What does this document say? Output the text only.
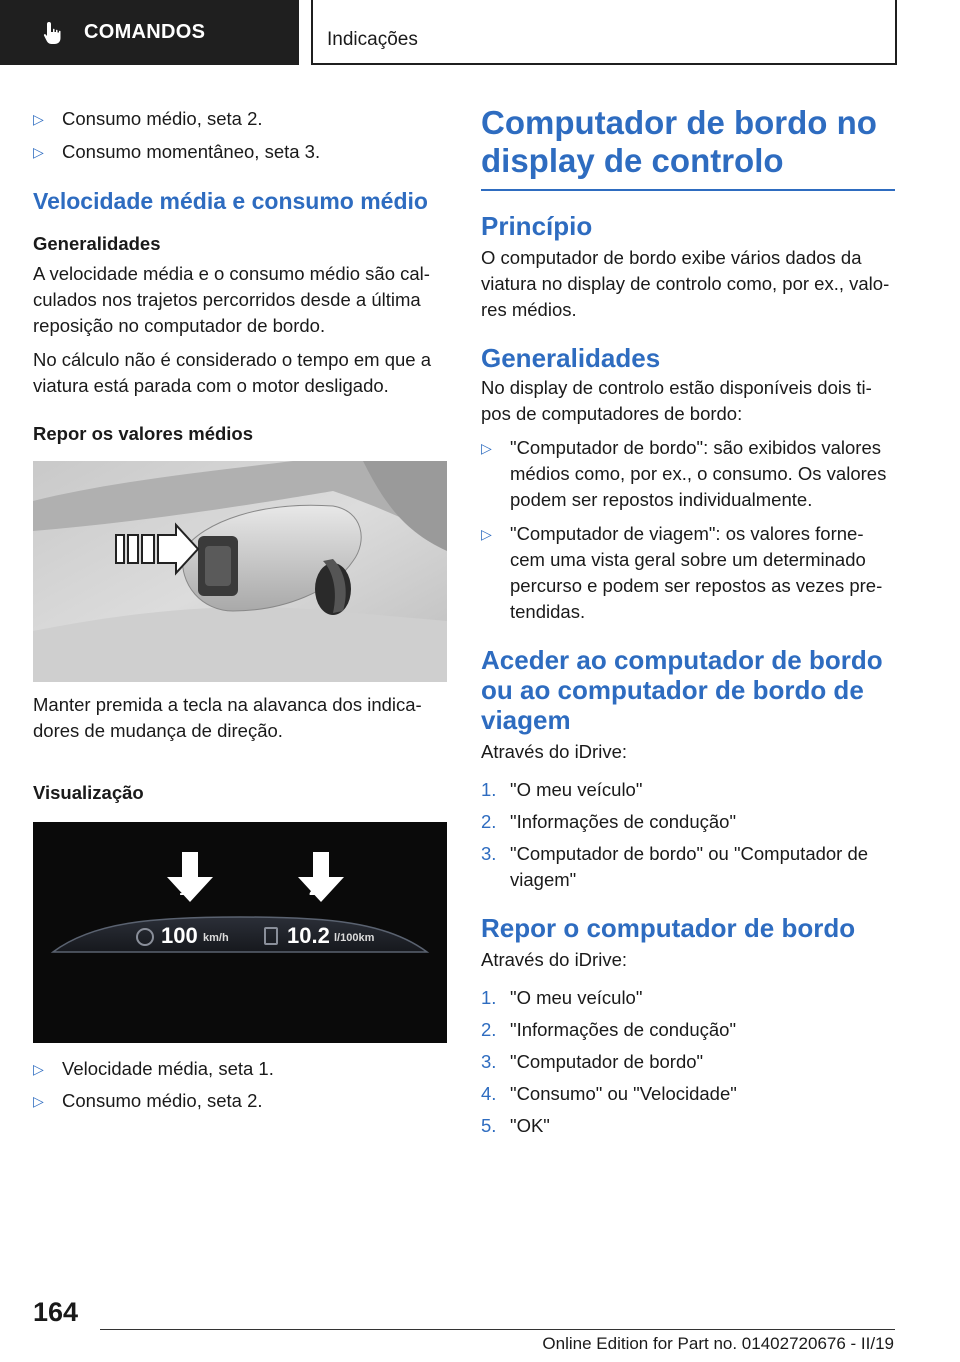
COMANDOS	Indicações
▷ Consumo médio, seta 2.
▷ Consumo momentâneo, seta 3.
Velocidade média e consumo médio
Generalidades

A velocidade média e o consumo médio são cal-culados nos trajetos percorridos desde a última reposição no computador de bordo.

No cálculo não é considerado o tempo em que a viatura está parada com o motor desligado.

Repor os valores médios

Manter premida a tecla na alavanca dos indica-dores de mudança de direção.

Visualização
1	2
100 km/h	10.2 l/100km
▷ Velocidade média, seta 1.
▷ Consumo médio, seta 2.
Computador de bordo no
display de controlo
Princípio

O computador de bordo exibe vários dados da viatura no display de controlo como, por ex., valo-res médios.

Generalidades

No display de controlo estão disponíveis dois ti-pos de computadores de bordo:

▷ "Computador de bordo": são exibidos valores médios como, por ex., o consumo. Os valores podem ser repostos individualmente.
▷ "Computador de viagem": os valores forne-cem uma vista geral sobre um determinado percurso e podem ser repostos as vezes pre-tendidas.
Aceder ao computador de bordo ou ao computador de bordo de viagem

Através do iDrive:

1. "O meu veículo"
2. "Informações de condução"
3. "Computador de bordo" ou "Computador de viagem"
Repor o computador de bordo

Através do iDrive:

1. "O meu veículo"
2. "Informações de condução"
3. "Computador de bordo"
4. "Consumo" ou "Velocidade"
5. "OK"
164
Online Edition for Part no. 01402720676 - II/19
